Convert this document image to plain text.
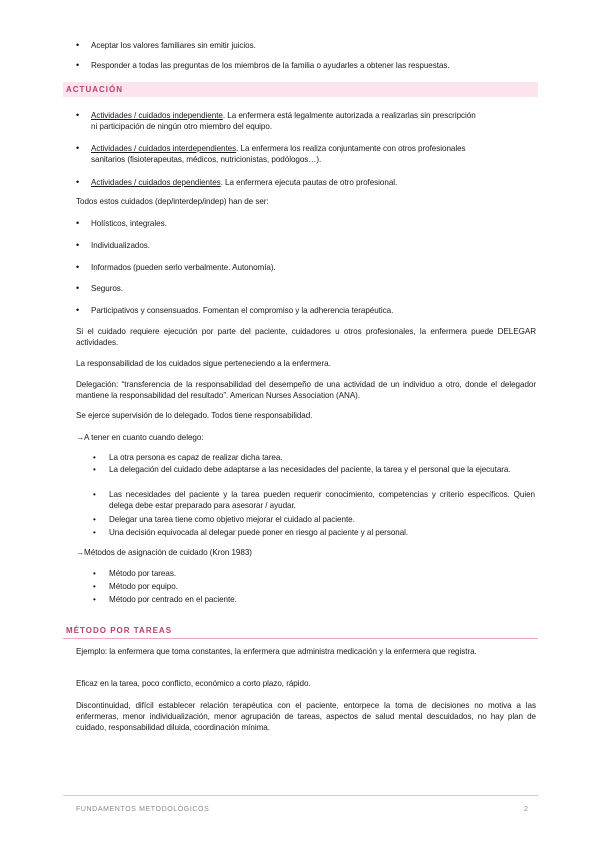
• Aceptar los valores familiares sin emitir juicios.
• Responder a todas las preguntas de los miembros de la familia o ayudarles a obtener las respuestas.
ACTUACIÓN
• Actividades / cuidados independiente. La enfermera está legalmente autorizada a realizarlas sin prescripción
ni participación de ningún otro miembro del equipo.
• Actividades / cuidados interdependientes. La enfermera los realiza conjuntamente con otros profesionales
sanitarios (fisioterapeutas, médicos, nutricionistas, podólogos…).
• Actividades / cuidados dependientes. La enfermera ejecuta pautas de otro profesional.
Todos estos cuidados (dep/interdep/indep) han de ser:
• Holísticos, integrales.
• Individualizados.
• Informados (pueden serlo verbalmente. Autonomía).
• Seguros.
• Participativos y consensuados. Fomentan el compromiso y la adherencia terapéutica.
Si el cuidado requiere ejecución por parte del paciente, cuidadores u otros profesionales, la enfermera puede DELEGAR actividades.
La responsabilidad de los cuidados sigue perteneciendo a la enfermera.
Delegación: “transferencia de la responsabilidad del desempeño de una actividad de un individuo a otro, donde el delegador mantiene la responsabilidad del resultado”. American Nurses Association (ANA).
Se ejerce supervisión de lo delegado. Todos tiene responsabilidad.
→A tener en cuanto cuando delego:
• La otra persona es capaz de realizar dicha tarea.
• La delegación del cuidado debe adaptarse a las necesidades del paciente, la tarea y el personal que la ejecutara.
• Las necesidades del paciente y la tarea pueden requerir conocimiento, competencias y criterio específicos. Quien delega debe estar preparado para asesorar / ayudar.
• Delegar una tarea tiene como objetivo mejorar el cuidado al paciente.
• Una decisión equivocada al delegar puede poner en riesgo al paciente y al personal.
→Métodos de asignación de cuidado (Kron 1983)
• Método por tareas.
• Método por equipo.
• Método por centrado en el paciente.
MÉTODO POR TAREAS
Ejemplo: la enfermera que toma constantes, la enfermera que administra medicación y la enfermera que registra.
Eficaz en la tarea, poco conflicto, económico a corto plazo, rápido.
Discontinuidad, difícil establecer relación terapéutica con el paciente, entorpece la toma de decisiones no motiva a las enfermeras, menor individualización, menor agrupación de tareas, aspectos de salud mental descuidados, no hay plan de cuidado, responsabilidad diluida, coordinación mínima.
FUNDAMENTOS METODOLÓGICOS	2
